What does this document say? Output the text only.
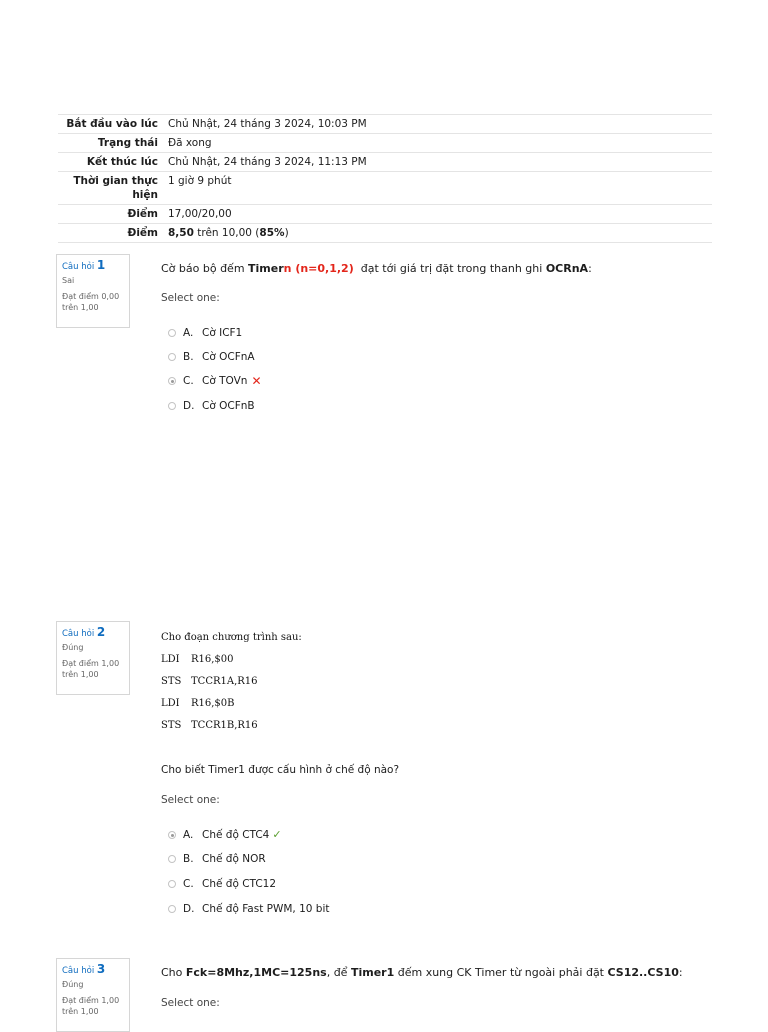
Bắt đầu vào lúc	Chủ Nhật, 24 tháng 3 2024, 10:03 PM
Trạng thái	Đã xong
Kết thúc lúc	Chủ Nhật, 24 tháng 3 2024, 11:13 PM
Thời gian thực hiện	1 giờ 9 phút
Điểm	17,00/20,00
Điểm	8,50 trên 10,00 (85%)
Câu hỏi 1
Sai
Đạt điểm 0,00 trên 1,00
Cờ báo bộ đếm Timern (n=0,1,2)  đạt tới giá trị đặt trong thanh ghi OCRnA:
Select one:
A. Cờ ICF1
B. Cờ OCFnA
C. Cờ TOVn ✕
D. Cờ OCFnB
Câu hỏi 2
Đúng
Đạt điểm 1,00 trên 1,00
Cho đoạn chương trình sau:
LDI R16,$00
STS TCCR1A,R16
LDI R16,$0B
STS TCCR1B,R16
Cho biết Timer1 được cấu hình ở chế độ nào?
Select one:
A. Chế độ CTC4 ✓
B. Chế độ NOR
C. Chế độ CTC12
D. Chế độ Fast PWM, 10 bit
Câu hỏi 3
Đúng
Đạt điểm 1,00 trên 1,00
Cho Fck=8Mhz,1MC=125ns, để Timer1 đếm xung CK Timer từ ngoài phải đặt CS12..CS10:
Select one:
